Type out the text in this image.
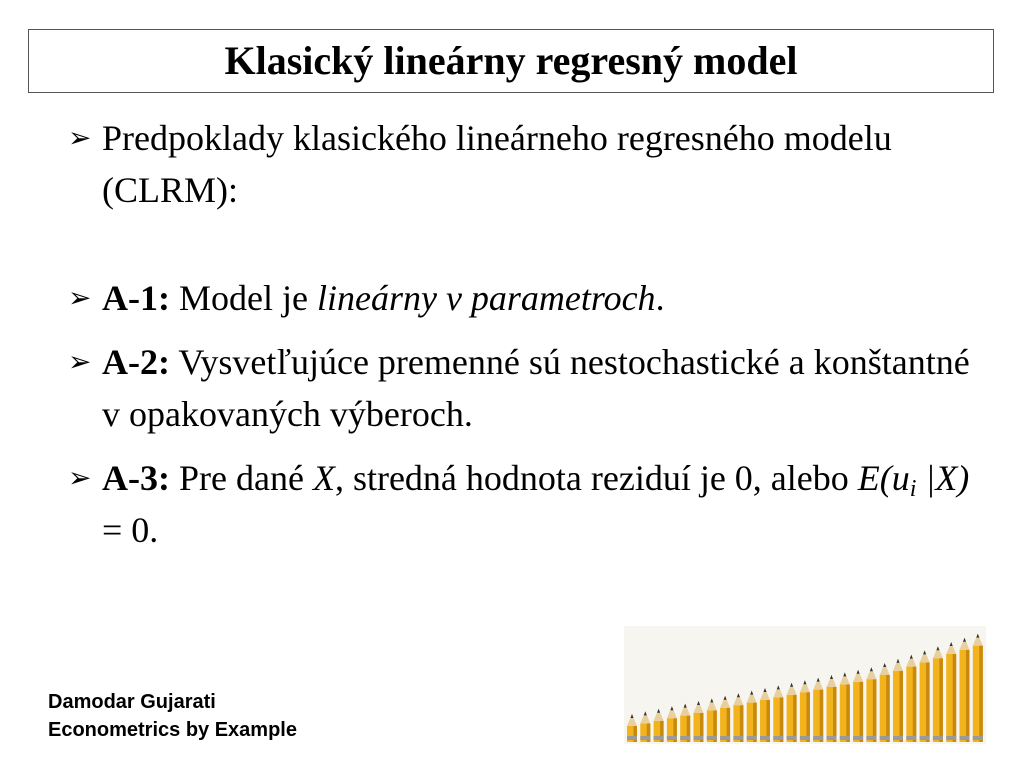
Klasický lineárny regresný model
➢ Predpoklady klasického lineárneho regresného modelu (CLRM):
➢ A-1: Model je lineárny v parametroch.
➢ A-2: Vysvetľujúce premenné sú nestochastické a konštantné v opakovaných výberoch.
➢ A-3: Pre dané X, stredná hodnota reziduí je 0, alebo $E(u_i$ |X) = 0.
Damodar Gujarati
Econometrics by Example
